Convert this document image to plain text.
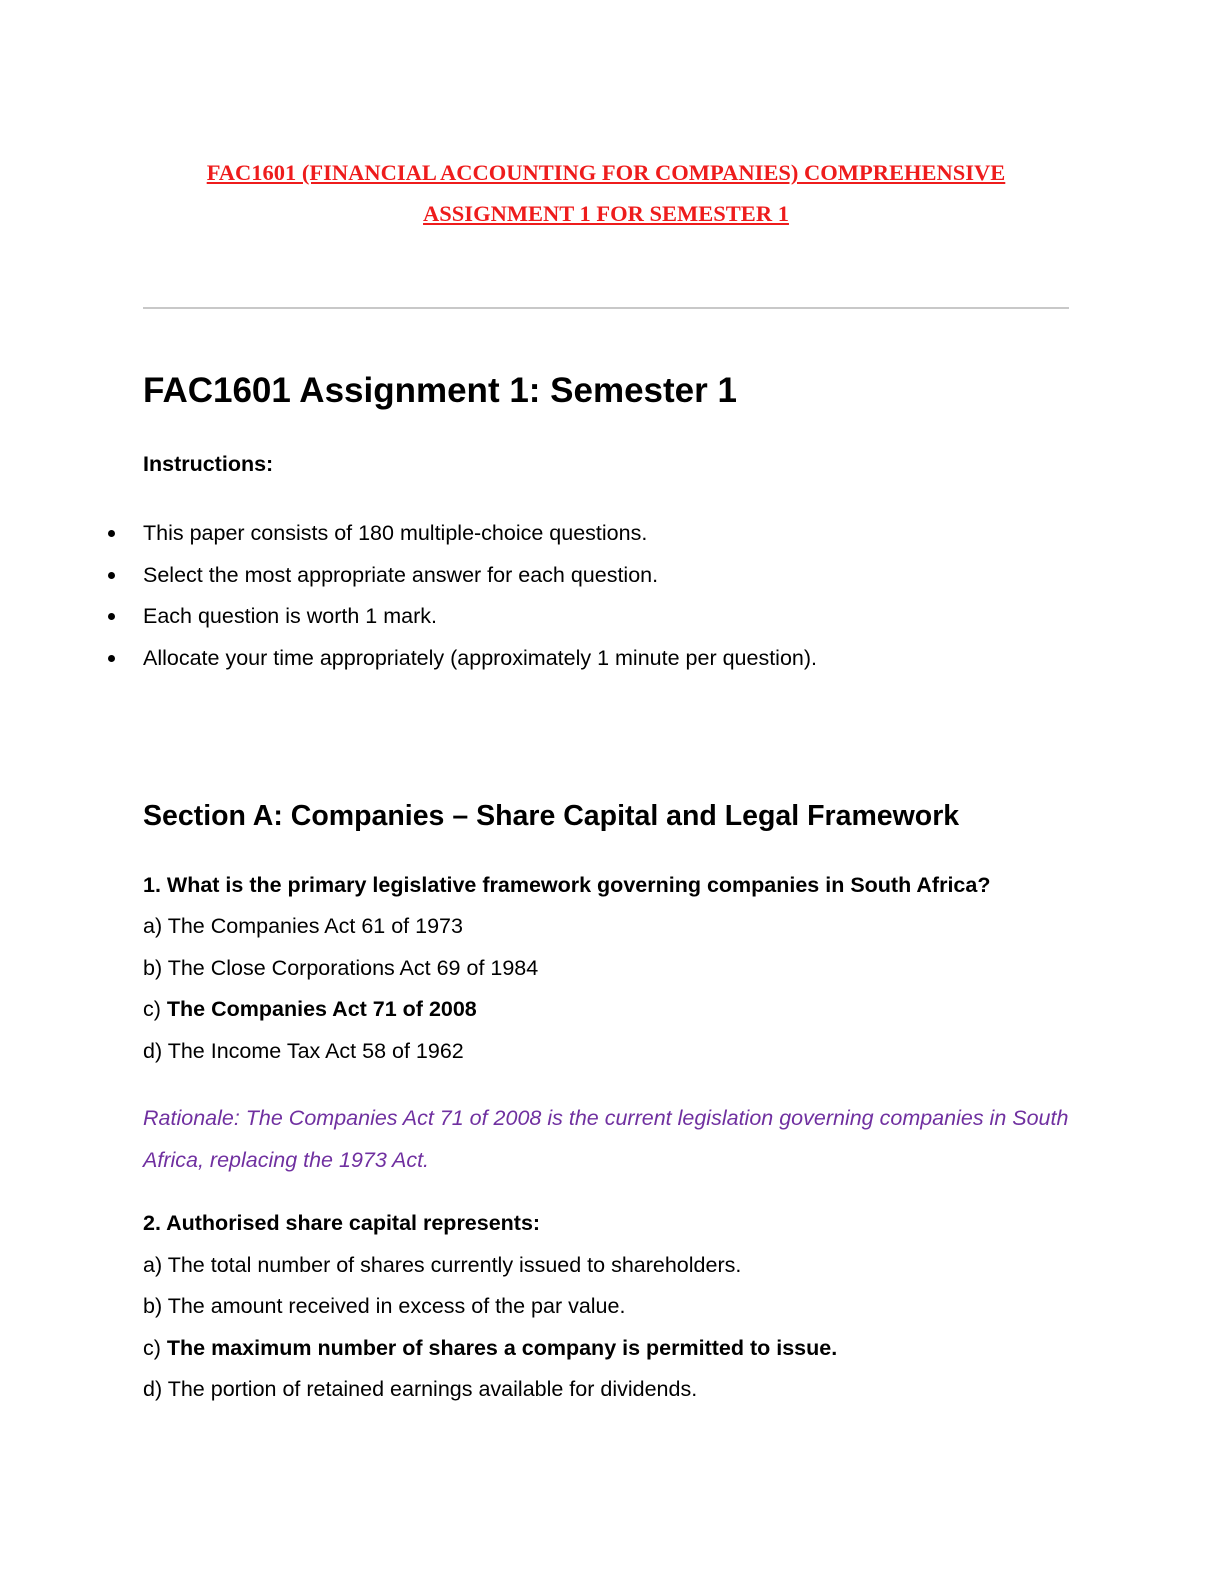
FAC1601 (FINANCIAL ACCOUNTING FOR COMPANIES) COMPREHENSIVE
ASSIGNMENT 1 FOR SEMESTER 1
FAC1601 Assignment 1: Semester 1
Instructions:
This paper consists of 180 multiple-choice questions.
Select the most appropriate answer for each question.
Each question is worth 1 mark.
Allocate your time appropriately (approximately 1 minute per question).
Section A: Companies – Share Capital and Legal Framework
1. What is the primary legislative framework governing companies in South Africa?
a) The Companies Act 61 of 1973
b) The Close Corporations Act 69 of 1984
c) The Companies Act 71 of 2008
d) The Income Tax Act 58 of 1962
Rationale: The Companies Act 71 of 2008 is the current legislation governing companies in South Africa, replacing the 1973 Act.
2. Authorised share capital represents:
a) The total number of shares currently issued to shareholders.
b) The amount received in excess of the par value.
c) The maximum number of shares a company is permitted to issue.
d) The portion of retained earnings available for dividends.
